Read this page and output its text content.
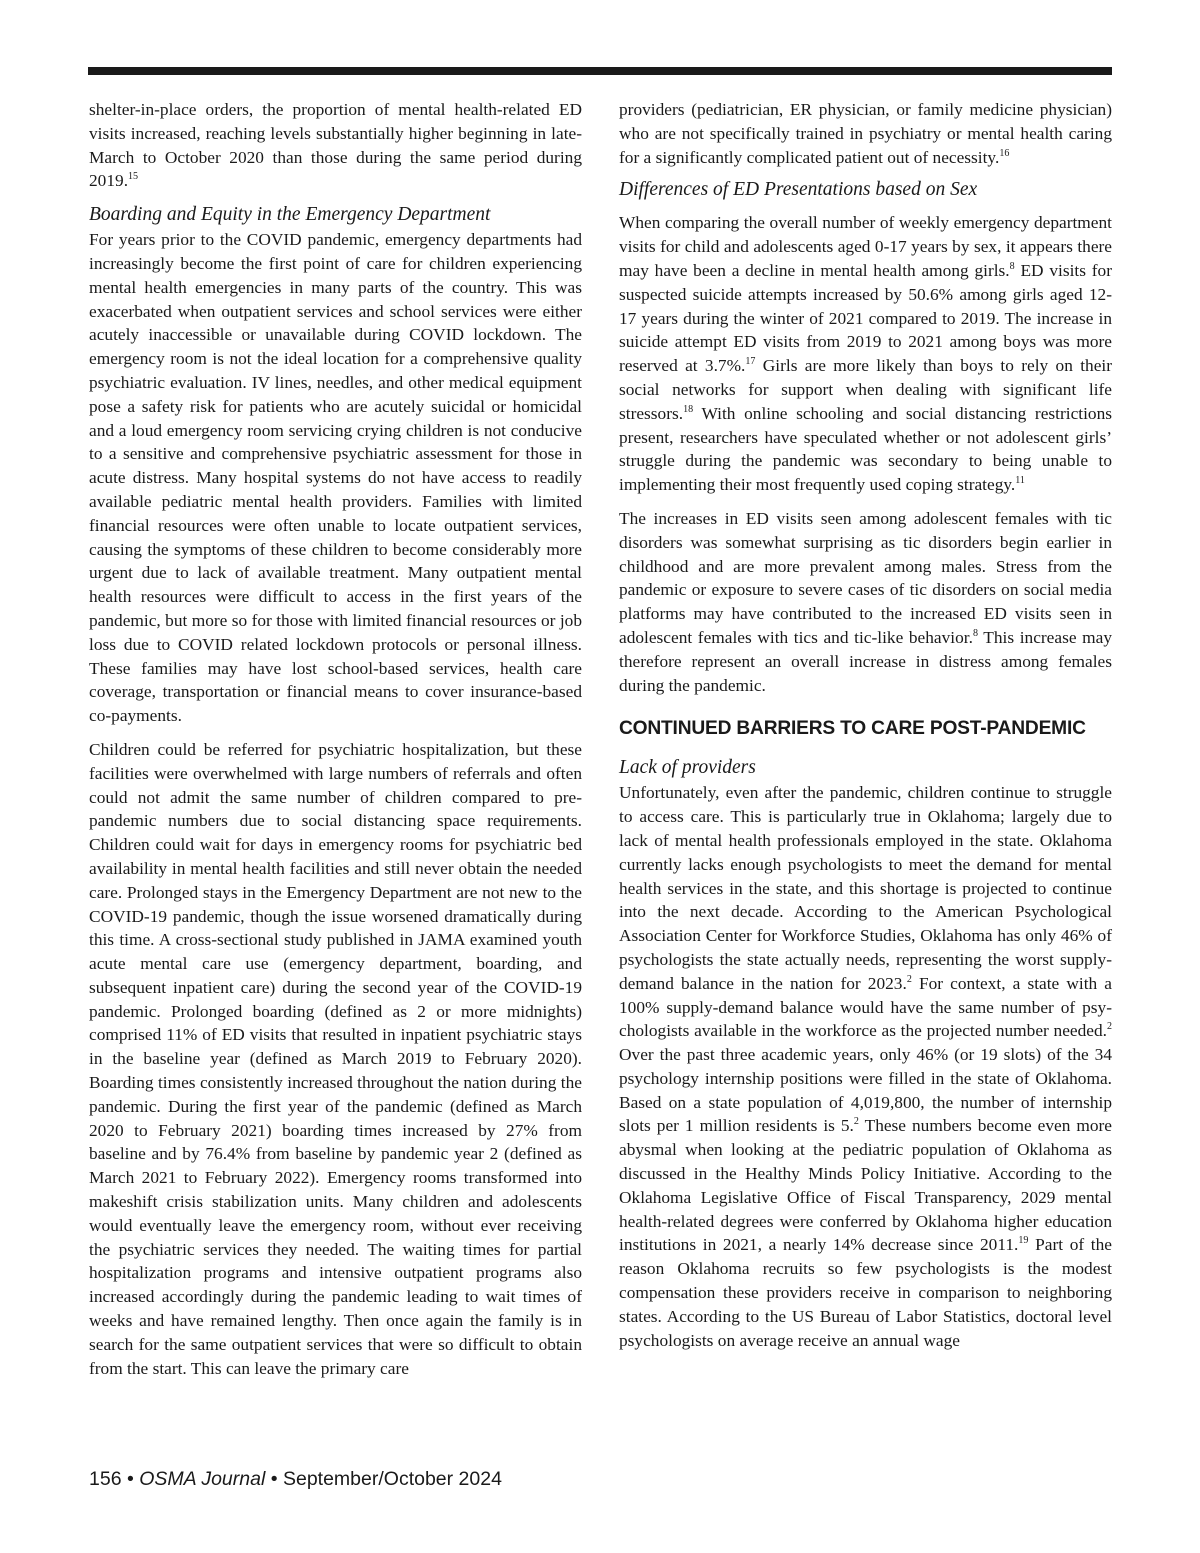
shelter-in-place orders, the proportion of mental health-related ED visits increased, reaching levels substantially higher beginning in late-March to October 2020 than those during the same period during 2019.15

Boarding and Equity in the Emergency Department

For years prior to the COVID pandemic, emergency departments had increasingly become the first point of care for children experiencing mental health emergencies in many parts of the country. This was exacerbated when outpatient services and school services were either acutely inaccessible or unavailable during COVID lockdown. The emergency room is not the ideal location for a comprehensive quality psychiatric evaluation. IV lines, needles, and other medical equipment pose a safety risk for patients who are acutely suicidal or homicidal and a loud emergency room servicing crying children is not conducive to a sensitive and comprehensive psychiatric assessment for those in acute distress. Many hospital systems do not have access to readily available pediatric mental health providers. Families with limited financial resources were often unable to locate outpatient services, causing the symptoms of these children to become considerably more urgent due to lack of available treatment. Many outpatient mental health resources were difficult to access in the first years of the pandemic, but more so for those with limited financial resources or job loss due to COVID related lockdown protocols or personal illness. These families may have lost school-based services, health care coverage, transportation or financial means to cover insurance-based co-payments.

Children could be referred for psychiatric hospitalization, but these facilities were overwhelmed with large numbers of referrals and often could not admit the same number of children compared to pre-pandemic numbers due to social distancing space requirements. Children could wait for days in emergency rooms for psychiatric bed availability in mental health facilities and still never obtain the needed care. Prolonged stays in the Emergency Department are not new to the COVID-19 pandemic, though the issue worsened dramatically during this time. A cross-sectional study published in JAMA examined youth acute mental care use (emergency department, boarding, and subsequent inpatient care) during the second year of the COVID-19 pandemic. Prolonged boarding (defined as 2 or more midnights) comprised 11% of ED visits that resulted in inpatient psychiatric stays in the baseline year (defined as March 2019 to February 2020). Boarding times consistently increased throughout the nation during the pandemic. During the first year of the pandemic (defined as March 2020 to February 2021) boarding times increased by 27% from baseline and by 76.4% from baseline by pandemic year 2 (defined as March 2021 to February 2022). Emergency rooms transformed into makeshift crisis stabilization units. Many children and adolescents would eventually leave the emergency room, without ever receiving the psychiatric services they needed. The waiting times for partial hospitalization programs and intensive outpatient programs also increased accordingly during the pandemic leading to wait times of weeks and have remained lengthy. Then once again the family is in search for the same outpatient services that were so difficult to obtain from the start. This can leave the primary care

providers (pediatrician, ER physician, or family medicine physician) who are not specifically trained in psychiatry or mental health caring for a significantly complicated patient out of necessity.$^{16}$

Differences of ED Presentations based on Sex

When comparing the overall number of weekly emergency department visits for child and adolescents aged 0-17 years by sex, it appears there may have been a decline in mental health among girls.$^8$ ED visits for suspected suicide attempts increased by 50.6% among girls aged 12-17 years during the winter of 2021 compared to 2019. The increase in suicide attempt ED visits from 2019 to 2021 among boys was more reserved at 3.7%.$^{17}$ Girls are more likely than boys to rely on their social networks for support when dealing with significant life stressors.$^{18}$ With online schooling and social distancing restrictions present, researchers have speculated whether or not adolescent girls’ struggle during the pandemic was secondary to being unable to implementing their most frequently used coping strategy.$^{11}$

The increases in ED visits seen among adolescent females with tic disorders was somewhat surprising as tic disorders begin earlier in childhood and are more prevalent among males. Stress from the pandemic or exposure to severe cases of tic disorders on social media platforms may have contributed to the increased ED visits seen in adolescent females with tics and tic-like behavior.$^8$ This increase may therefore represent an overall increase in distress among females during the pandemic.

CONTINUED BARRIERS TO CARE POST-PANDEMIC
Lack of providers

Unfortunately, even after the pandemic, children continue to struggle to access care. This is particularly true in Oklahoma; largely due to lack of mental health professionals employed in the state. Oklahoma currently lacks enough psychologists to meet the demand for mental health services in the state, and this shortage is projected to continue into the next decade. According to the American Psychological Association Center for Workforce Studies, Oklahoma has only 46% of psychologists the state actually needs, representing the worst supply-demand balance in the nation for 2023.$^2$ For context, a state with a 100% supply-demand balance would have the same number of psychologists available in the workforce as the projected number needed.$^2$ Over the past three academic years, only 46% (or 19 slots) of the 34 psychology internship positions were filled in the state of Oklahoma. Based on a state population of 4,019,800, the number of internship slots per 1 million residents is 5.$^2$ These numbers become even more abysmal when looking at the pediatric population of Oklahoma as discussed in the Healthy Minds Policy Initiative. According to the Oklahoma Legislative Office of Fiscal Transparency, 2029 mental health-related degrees were conferred by Oklahoma higher education institutions in 2021, a nearly 14% decrease since 2011.19 Part of the reason Oklahoma recruits so few psychologists is the modest compensation these providers receive in comparison to neighboring states. According to the US Bureau of Labor Statistics, doctoral level psychologists on average receive an annual wage

156 • OSMA Journal • September/October 2024
